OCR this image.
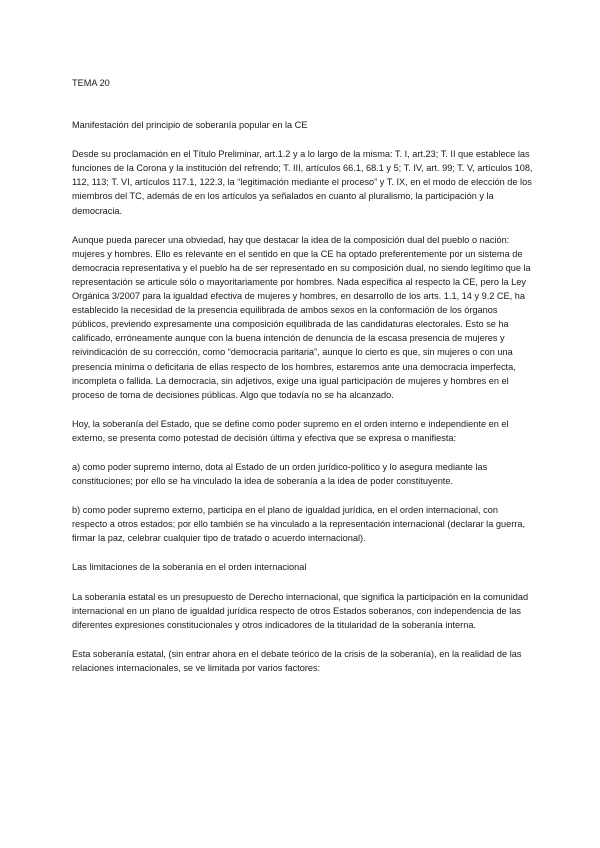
TEMA 20

Manifestación del principio de soberanía popular en la CE

Desde su proclamación en el Título Preliminar, art.1.2 y a lo largo de la misma: T. I, art.23; T. II que establece las funciones de la Corona y la institución del refrendo; T. III, artículos 66.1, 68.1 y 5; T. IV, art. 99; T. V, artículos 108, 112, 113; T. VI, artículos 117.1, 122.3, la “legitimación mediante el proceso” y T. IX, en el modo de elección de los miembros del TC, además de en los artículos ya señalados en cuanto al pluralismo, la participación y la democracia.

Aunque pueda parecer una obviedad, hay que destacar la idea de la composición dual del pueblo o nación: mujeres y hombres. Ello es relevante en el sentido en que la CE ha optado preferentemente por un sistema de democracia representativa y el pueblo ha de ser representado en su composición dual, no siendo legítimo que la representación se articule sólo o mayoritariamente por hombres. Nada específica al respecto la CE, pero la Ley Orgánica 3/2007 para la igualdad efectiva de mujeres y hombres, en desarrollo de los arts. 1.1, 14 y 9.2 CE, ha establecido la necesidad de la presencia equilibrada de ambos sexos en la conformación de los órganos públicos, previendo expresamente una composición equilibrada de las candidaturas electorales. Esto se ha calificado, erróneamente aunque con la buena intención de denuncia de la escasa presencia de mujeres y reivindicación de su corrección, como “democracia paritaria”, aunque lo cierto es que, sin mujeres o con una presencia mínima o deficitaria de ellas respecto de los hombres, estaremos ante una democracia imperfecta, incompleta o fallida. La democracia, sin adjetivos, exige una igual participación de mujeres y hombres en el proceso de toma de decisiones públicas. Algo que todavía no se ha alcanzado.

Hoy, la soberanía del Estado, que se define como poder supremo en el orden interno e independiente en el externo, se presenta como potestad de decisión última y efectiva que se expresa o manifiesta:

a) como poder supremo interno, dota al Estado de un orden jurídico-político y lo asegura mediante las constituciones; por ello se ha vinculado la idea de soberanía a la idea de poder constituyente.

b) como poder supremo externo, participa en el plano de igualdad jurídica, en el orden internacional, con respecto a otros estados; por ello también se ha vinculado a la representación internacional (declarar la guerra, firmar la paz, celebrar cualquier tipo de tratado o acuerdo internacional).

Las limitaciones de la soberanía en el orden internacional

La soberanía estatal es un presupuesto de Derecho internacional, que significa la participación en la comunidad internacional en un plano de igualdad jurídica respecto de otros Estados soberanos, con independencia de las diferentes expresiones constitucionales y otros indicadores de la titularidad de la soberanía interna.

Esta soberanía estatal, (sin entrar ahora en el debate teórico de la crisis de la soberanía), en la realidad de las relaciones internacionales, se ve limitada por varios factores:
